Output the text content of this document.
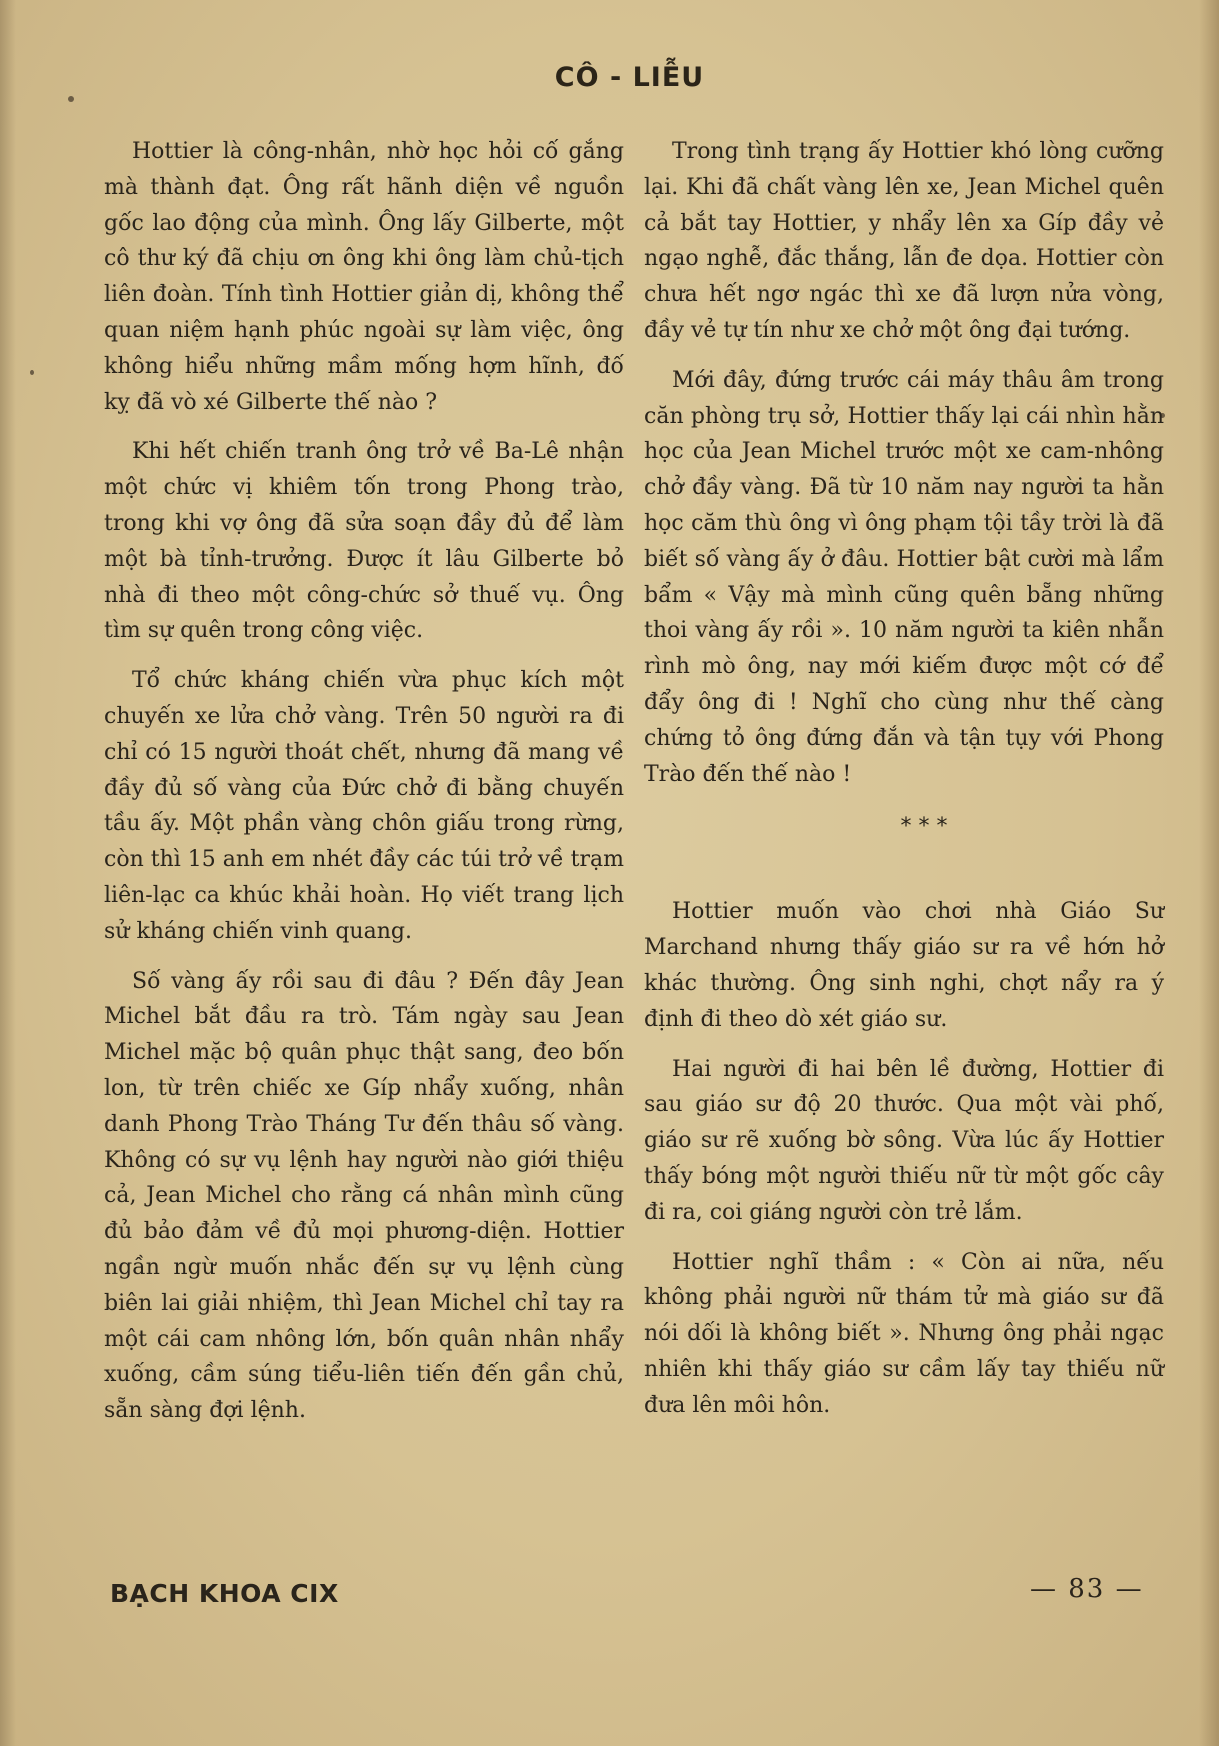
CÔ - LIỄU

Hottier là công-nhân, nhờ học hỏi cố gắng mà thành đạt. Ông rất hãnh diện về nguồn gốc lao động của mình. Ông lấy Gilberte, một cô thư ký đã chịu ơn ông khi ông làm chủ-tịch liên đoàn. Tính tình Hottier giản dị, không thể quan niệm hạnh phúc ngoài sự làm việc, ông không hiểu những mầm mống hợm hĩnh, đố kỵ đã vò xé Gilberte thế nào ?

Khi hết chiến tranh ông trở về Ba-Lê nhận một chức vị khiêm tốn trong Phong trào, trong khi vợ ông đã sửa soạn đầy đủ để làm một bà tỉnh-trưởng. Được ít lâu Gilberte bỏ nhà đi theo một công-chức sở thuế vụ. Ông tìm sự quên trong công việc.

Tổ chức kháng chiến vừa phục kích một chuyến xe lửa chở vàng. Trên 50 người ra đi chỉ có 15 người thoát chết, nhưng đã mang về đầy đủ số vàng của Đức chở đi bằng chuyến tầu ấy. Một phần vàng chôn giấu trong rừng, còn thì 15 anh em nhét đầy các túi trở về trạm liên-lạc ca khúc khải hoàn. Họ viết trang lịch sử kháng chiến vinh quang.

Số vàng ấy rồi sau đi đâu ? Đến đây Jean Michel bắt đầu ra trò. Tám ngày sau Jean Michel mặc bộ quân phục thật sang, đeo bốn lon, từ trên chiếc xe Gíp nhẩy xuống, nhân danh Phong Trào Tháng Tư đến thâu số vàng. Không có sự vụ lệnh hay người nào giới thiệu cả, Jean Michel cho rằng cá nhân mình cũng đủ bảo đảm về đủ mọi phương-diện. Hottier ngần ngừ muốn nhắc đến sự vụ lệnh cùng biên lai giải nhiệm, thì Jean Michel chỉ tay ra một cái cam nhông lớn, bốn quân nhân nhẩy xuống, cầm súng tiểu-liên tiến đến gần chủ, sẵn sàng đợi lệnh.

Trong tình trạng ấy Hottier khó lòng cưỡng lại. Khi đã chất vàng lên xe, Jean Michel quên cả bắt tay Hottier, y nhẩy lên xa Gíp đầy vẻ ngạo nghễ, đắc thắng, lẫn đe dọa. Hottier còn chưa hết ngơ ngác thì xe đã lượn nửa vòng, đầy vẻ tự tín như xe chở một ông đại tướng.

Mới đây, đứng trước cái máy thâu âm trong căn phòng trụ sở, Hottier thấy lại cái nhìn hằn học của Jean Michel trước một xe cam-nhông chở đầy vàng. Đã từ 10 năm nay người ta hằn học căm thù ông vì ông phạm tội tầy trời là đã biết số vàng ấy ở đâu. Hottier bật cười mà lẩm bẩm « Vậy mà mình cũng quên bẵng những thoi vàng ấy rồi ». 10 năm người ta kiên nhẫn rình mò ông, nay mới kiếm được một cớ để đẩy ông đi ! Nghĩ cho cùng như thế càng chứng tỏ ông đứng đắn và tận tụy với Phong Trào đến thế nào !

* * *

Hottier muốn vào chơi nhà Giáo Sư Marchand nhưng thấy giáo sư ra về hớn hở khác thường. Ông sinh nghi, chợt nẩy ra ý định đi theo dò xét giáo sư.

Hai người đi hai bên lề đường, Hottier đi sau giáo sư độ 20 thước. Qua một vài phố, giáo sư rẽ xuống bờ sông. Vừa lúc ấy Hottier thấy bóng một người thiếu nữ từ một gốc cây đi ra, coi giáng người còn trẻ lắm.

Hottier nghĩ thầm : « Còn ai nữa, nếu không phải người nữ thám tử mà giáo sư đã nói dối là không biết ». Nhưng ông phải ngạc nhiên khi thấy giáo sư cầm lấy tay thiếu nữ đưa lên môi hôn.

BẠCH KHOA CIX	— 83 —
